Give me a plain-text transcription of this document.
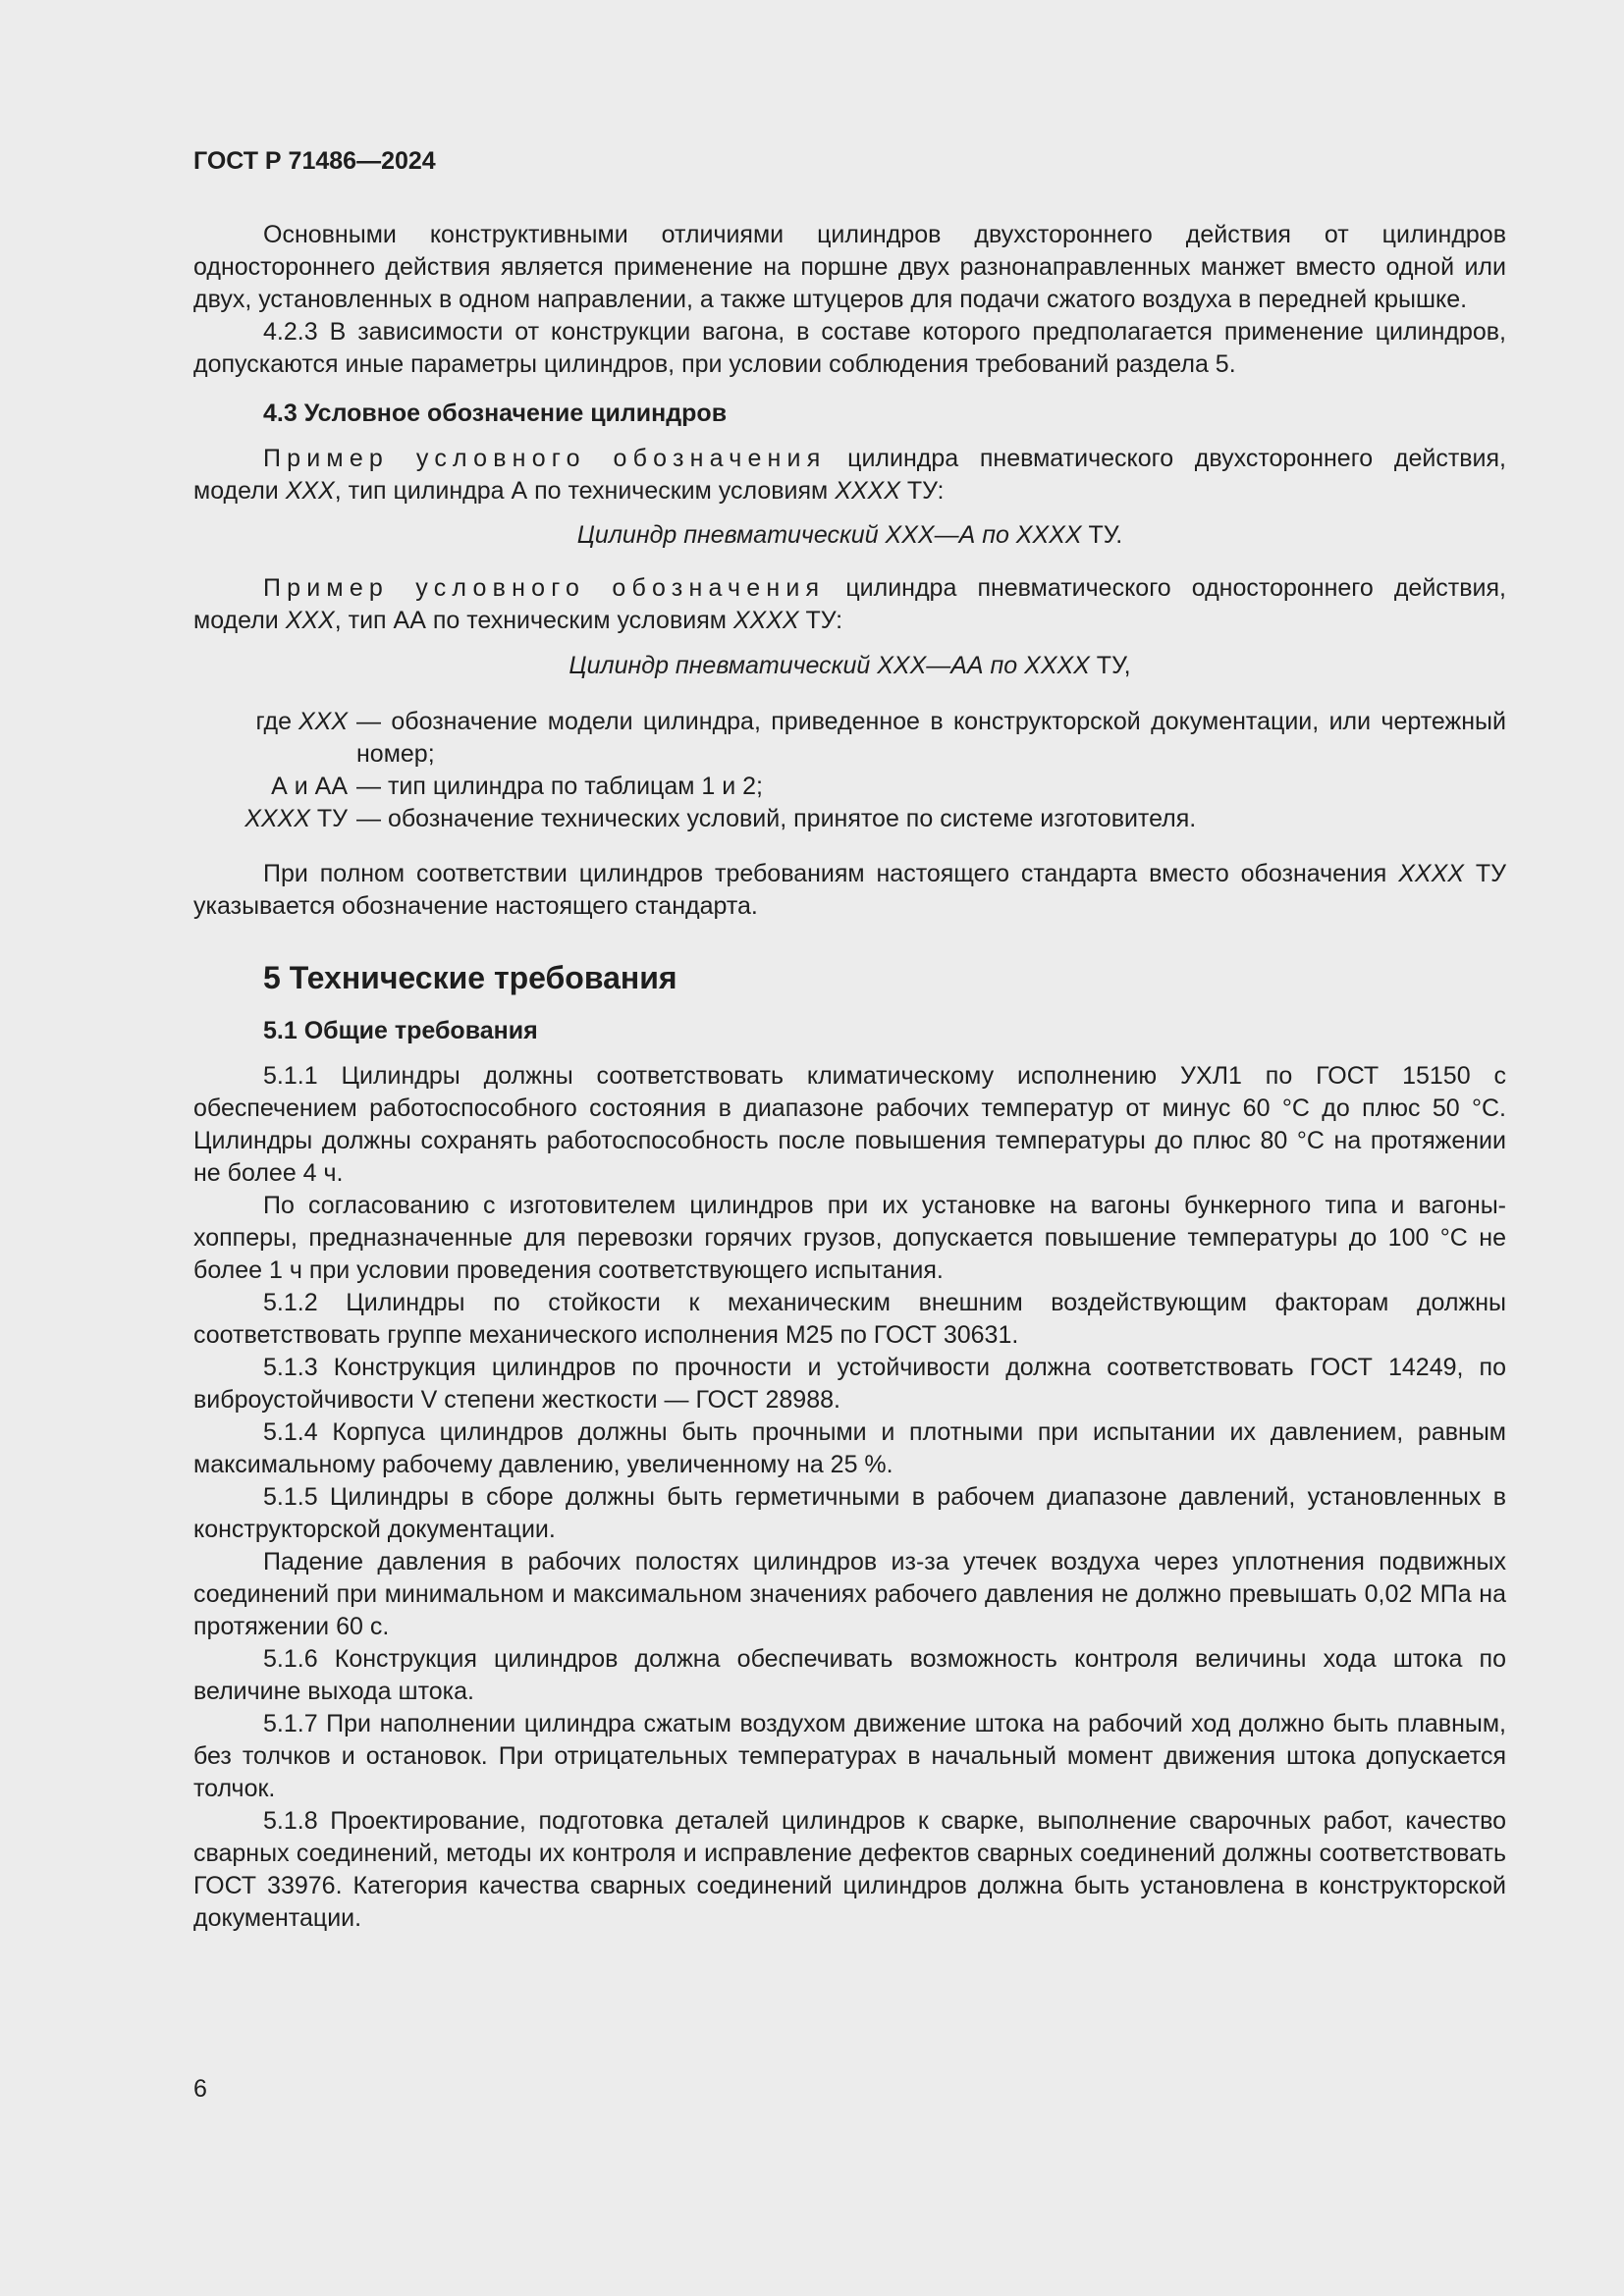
ГОСТ Р 71486—2024

Основными конструктивными отличиями цилиндров двухстороннего действия от цилиндров одностороннего действия является применение на поршне двух разнонаправленных манжет вместо одной или двух, установленных в одном направлении, а также штуцеров для подачи сжатого воздуха в передней крышке.

4.2.3 В зависимости от конструкции вагона, в составе которого предполагается применение цилиндров, допускаются иные параметры цилиндров, при условии соблюдения требований раздела 5.

4.3 Условное обозначение цилиндров

Пример условного обозначения цилиндра пневматического двухстороннего действия, модели ХХХ, тип цилиндра А по техническим условиям ХХХХ ТУ:

Цилиндр пневматический ХХХ—А по ХХХХ ТУ.

Пример условного обозначения цилиндра пневматического одностороннего действия, модели ХХХ, тип АА по техническим условиям ХХХХ ТУ:

Цилиндр пневматический ХХХ—АА по ХХХХ ТУ,

где ХХХ — обозначение модели цилиндра, приведенное в конструкторской документации, или чертежный номер;
А и АА — тип цилиндра по таблицам 1 и 2;
ХХХХ ТУ — обозначение технических условий, принятое по системе изготовителя.

При полном соответствии цилиндров требованиям настоящего стандарта вместо обозначения ХХХХ ТУ указывается обозначение настоящего стандарта.

5 Технические требования
5.1 Общие требования

5.1.1 Цилиндры должны соответствовать климатическому исполнению УХЛ1 по ГОСТ 15150 с обеспечением работоспособного состояния в диапазоне рабочих температур от минус 60 °С до плюс 50 °С. Цилиндры должны сохранять работоспособность после повышения температуры до плюс 80 °С на протяжении не более 4 ч.

По согласованию с изготовителем цилиндров при их установке на вагоны бункерного типа и вагоны-хопперы, предназначенные для перевозки горячих грузов, допускается повышение температуры до 100 °С не более 1 ч при условии проведения соответствующего испытания.

5.1.2 Цилиндры по стойкости к механическим внешним воздействующим факторам должны соответствовать группе механического исполнения М25 по ГОСТ 30631.

5.1.3 Конструкция цилиндров по прочности и устойчивости должна соответствовать ГОСТ 14249, по виброустойчивости V степени жесткости — ГОСТ 28988.

5.1.4 Корпуса цилиндров должны быть прочными и плотными при испытании их давлением, равным максимальному рабочему давлению, увеличенному на 25 %.

5.1.5 Цилиндры в сборе должны быть герметичными в рабочем диапазоне давлений, установленных в конструкторской документации.

Падение давления в рабочих полостях цилиндров из-за утечек воздуха через уплотнения подвижных соединений при минимальном и максимальном значениях рабочего давления не должно превышать 0,02 МПа на протяжении 60 с.

5.1.6 Конструкция цилиндров должна обеспечивать возможность контроля величины хода штока по величине выхода штока.

5.1.7 При наполнении цилиндра сжатым воздухом движение штока на рабочий ход должно быть плавным, без толчков и остановок. При отрицательных температурах в начальный момент движения штока допускается толчок.

5.1.8 Проектирование, подготовка деталей цилиндров к сварке, выполнение сварочных работ, качество сварных соединений, методы их контроля и исправление дефектов сварных соединений должны соответствовать ГОСТ 33976. Категория качества сварных соединений цилиндров должна быть установлена в конструкторской документации.

6
